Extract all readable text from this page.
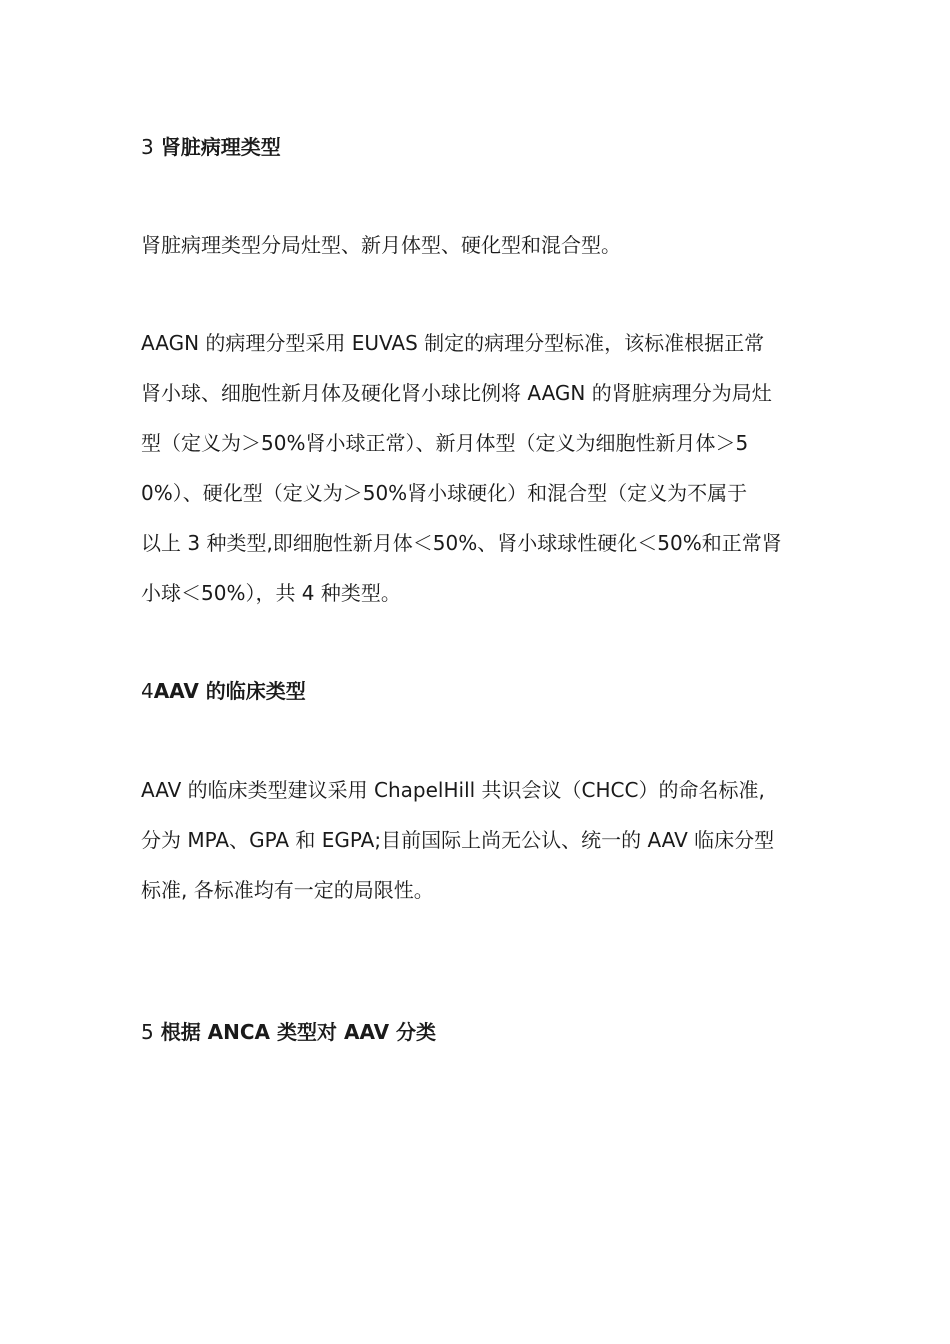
3 肾脏病理类型
肾脏病理类型分局灶型、新月体型、硬化型和混合型。
AAGN 的病理分型采用 EUVAS 制定的病理分型标准，该标准根据正常
肾小球、细胞性新月体及硬化肾小球比例将 AAGN 的肾脏病理分为局灶
型（定义为＞50%肾小球正常）、新月体型（定义为细胞性新月体＞5
0%）、硬化型（定义为＞50%肾小球硬化）和混合型（定义为不属于
以上 3 种类型,即细胞性新月体＜50%、肾小球球性硬化＜50%和正常肾
小球＜50%），共 4 种类型。
4AAV 的临床类型
AAV 的临床类型建议采用 ChapelHill 共识会议（CHCC）的命名标准,
分为 MPA、GPA 和 EGPA;目前国际上尚无公认、统一的 AAV 临床分型
标准, 各标准均有一定的局限性。
5 根据 ANCA 类型对 AAV 分类
